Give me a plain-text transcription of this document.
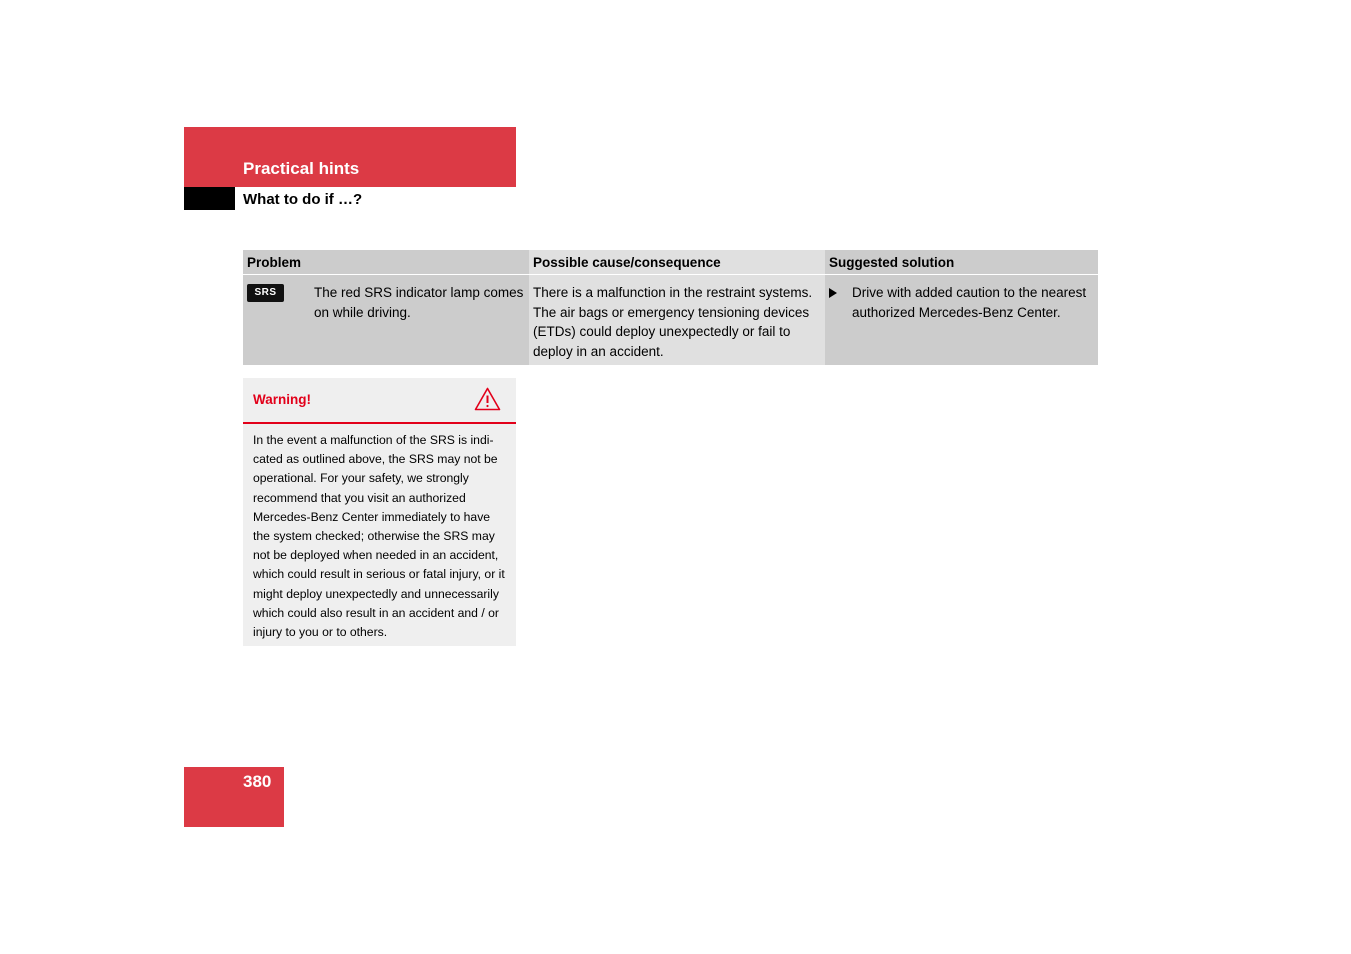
Practical hints
What to do if …?
Problem	Possible cause/consequence	Suggested solution

SRS The red SRS indicator lamp comes on while driving.	There is a malfunction in the restraint systems. The air bags or emergency tensioning devices (ETDs) could deploy unexpectedly or fail to deploy in an accident.	Drive with added caution to the nearest authorized Mercedes-Benz Center.
Warning!
In the event a malfunction of the SRS is indicated as outlined above, the SRS may not be operational. For your safety, we strongly recommend that you visit an authorized Mercedes-Benz Center immediately to have the system checked; otherwise the SRS may not be deployed when needed in an accident, which could result in serious or fatal injury, or it might deploy unexpectedly and unnecessarily which could also result in an accident and / or injury to you or to others.
380
